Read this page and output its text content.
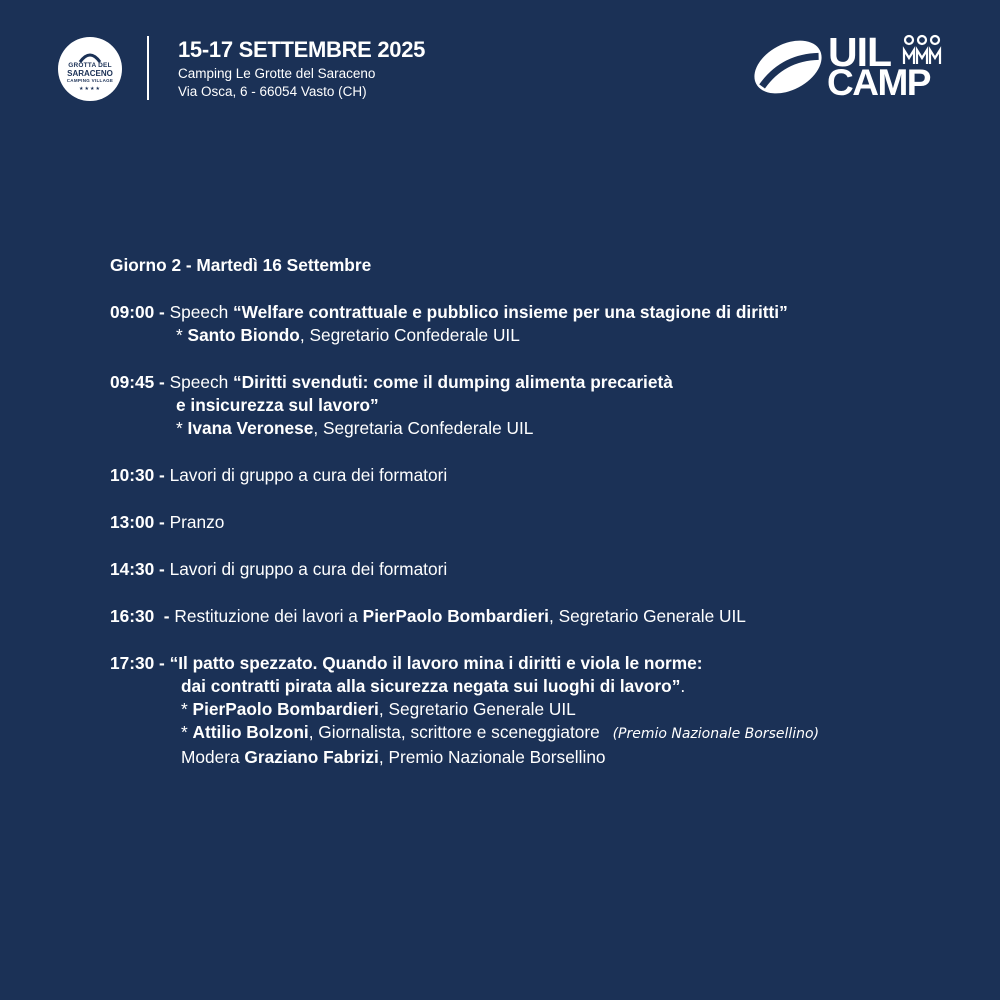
GROTTA DEL
SARACENO
CAMPING VILLAGE
★★★★
15-17 SETTEMBRE 2025
Camping Le Grotte del Saraceno
Via Osca, 6 - 66054 Vasto (CH)
UIL
CAMP
Giorno 2 - Martedì 16 Settembre
09:00 - Speech “Welfare contrattuale e pubblico insieme per una stagione di diritti”
* Santo Biondo, Segretario Confederale UIL
09:45 - Speech “Diritti svenduti: come il dumping alimenta precarietà
e insicurezza sul lavoro”
* Ivana Veronese, Segretaria Confederale UIL
10:30 - Lavori di gruppo a cura dei formatori
13:00 - Pranzo
14:30 - Lavori di gruppo a cura dei formatori
16:30  - Restituzione dei lavori a PierPaolo Bombardieri, Segretario Generale UIL
17:30 - “Il patto spezzato. Quando il lavoro mina i diritti e viola le norme:
dai contratti pirata alla sicurezza negata sui luoghi di lavoro”.
* PierPaolo Bombardieri, Segretario Generale UIL
* Attilio Bolzoni, Giornalista, scrittore e sceneggiatore (Premio Nazionale Borsellino)
Modera Graziano Fabrizi, Premio Nazionale Borsellino
